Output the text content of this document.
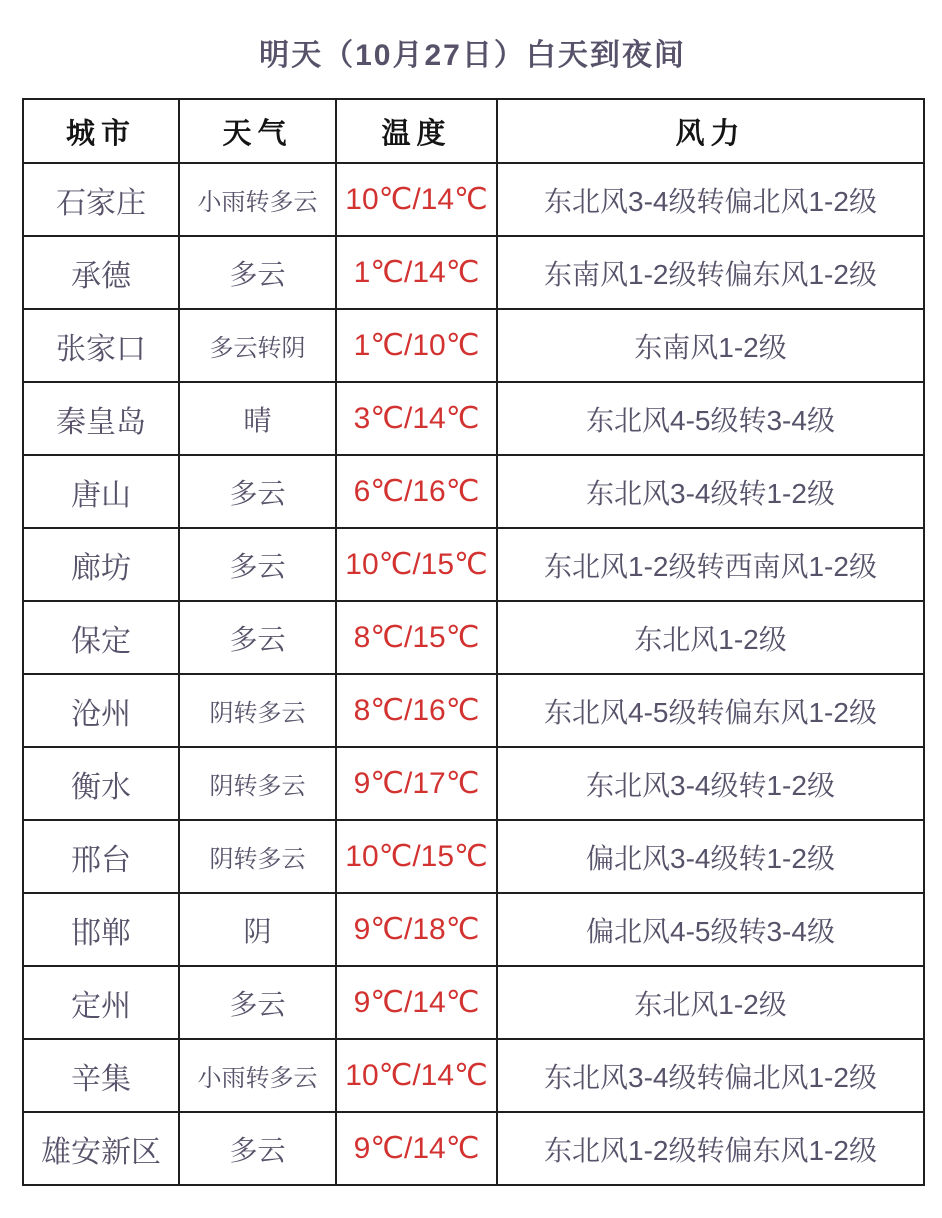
明天（10月27日）白天到夜间
城市	天气	温度	风力
石家庄	小雨转多云	10℃/14℃	东北风3-4级转偏北风1-2级
承德	多云	1℃/14℃	东南风1-2级转偏东风1-2级
张家口	多云转阴	1℃/10℃	东南风1-2级
秦皇岛	晴	3℃/14℃	东北风4-5级转3-4级
唐山	多云	6℃/16℃	东北风3-4级转1-2级
廊坊	多云	10℃/15℃	东北风1-2级转西南风1-2级
保定	多云	8℃/15℃	东北风1-2级
沧州	阴转多云	8℃/16℃	东北风4-5级转偏东风1-2级
衡水	阴转多云	9℃/17℃	东北风3-4级转1-2级
邢台	阴转多云	10℃/15℃	偏北风3-4级转1-2级
邯郸	阴	9℃/18℃	偏北风4-5级转3-4级
定州	多云	9℃/14℃	东北风1-2级
辛集	小雨转多云	10℃/14℃	东北风3-4级转偏北风1-2级
雄安新区	多云	9℃/14℃	东北风1-2级转偏东风1-2级
